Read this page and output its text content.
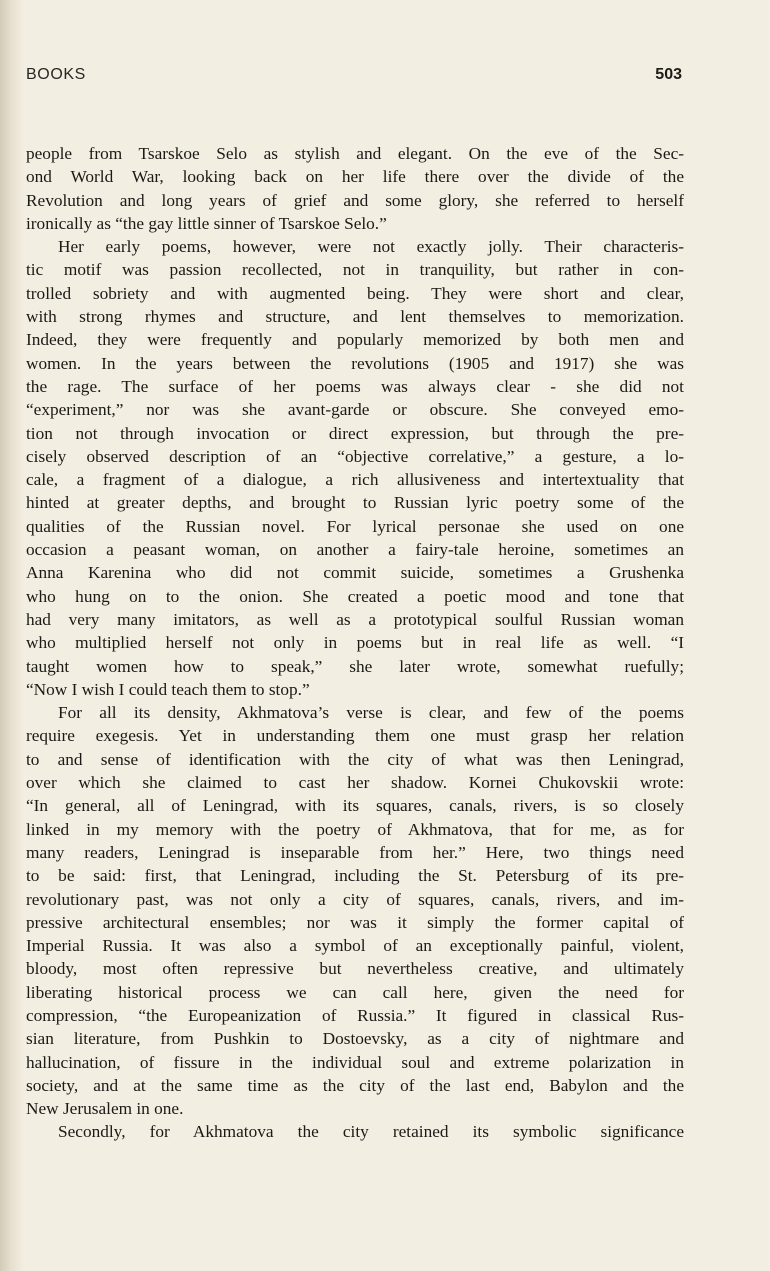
BOOKS	503
people from Tsarskoe Selo as stylish and elegant. On the eve of the Sec-
ond World War, looking back on her life there over the divide of the
Revolution and long years of grief and some glory, she referred to herself
ironically as “the gay little sinner of Tsarskoe Selo.”
Her early poems, however, were not exactly jolly. Their characteris-
tic motif was passion recollected, not in tranquility, but rather in con-
trolled sobriety and with augmented being. They were short and clear,
with strong rhymes and structure, and lent themselves to memorization.
Indeed, they were frequently and popularly memorized by both men and
women. In the years between the revolutions (1905 and 1917) she was
the rage. The surface of her poems was always clear - she did not
“experiment,” nor was she avant-garde or obscure. She conveyed emo-
tion not through invocation or direct expression, but through the pre-
cisely observed description of an “objective correlative,” a gesture, a lo-
cale, a fragment of a dialogue, a rich allusiveness and intertextuality that
hinted at greater depths, and brought to Russian lyric poetry some of the
qualities of the Russian novel. For lyrical personae she used on one
occasion a peasant woman, on another a fairy-tale heroine, sometimes an
Anna Karenina who did not commit suicide, sometimes a Grushenka
who hung on to the onion. She created a poetic mood and tone that
had very many imitators, as well as a prototypical soulful Russian woman
who multiplied herself not only in poems but in real life as well. “I
taught women how to speak,” she later wrote, somewhat ruefully;
“Now I wish I could teach them to stop.”
For all its density, Akhmatova’s verse is clear, and few of the poems
require exegesis. Yet in understanding them one must grasp her relation
to and sense of identification with the city of what was then Leningrad,
over which she claimed to cast her shadow. Kornei Chukovskii wrote:
“In general, all of Leningrad, with its squares, canals, rivers, is so closely
linked in my memory with the poetry of Akhmatova, that for me, as for
many readers, Leningrad is inseparable from her.” Here, two things need
to be said: first, that Leningrad, including the St. Petersburg of its pre-
revolutionary past, was not only a city of squares, canals, rivers, and im-
pressive architectural ensembles; nor was it simply the former capital of
Imperial Russia. It was also a symbol of an exceptionally painful, violent,
bloody, most often repressive but nevertheless creative, and ultimately
liberating historical process we can call here, given the need for
compression, “the Europeanization of Russia.” It figured in classical Rus-
sian literature, from Pushkin to Dostoevsky, as a city of nightmare and
hallucination, of fissure in the individual soul and extreme polarization in
society, and at the same time as the city of the last end, Babylon and the
New Jerusalem in one.
Secondly, for Akhmatova the city retained its symbolic significance
